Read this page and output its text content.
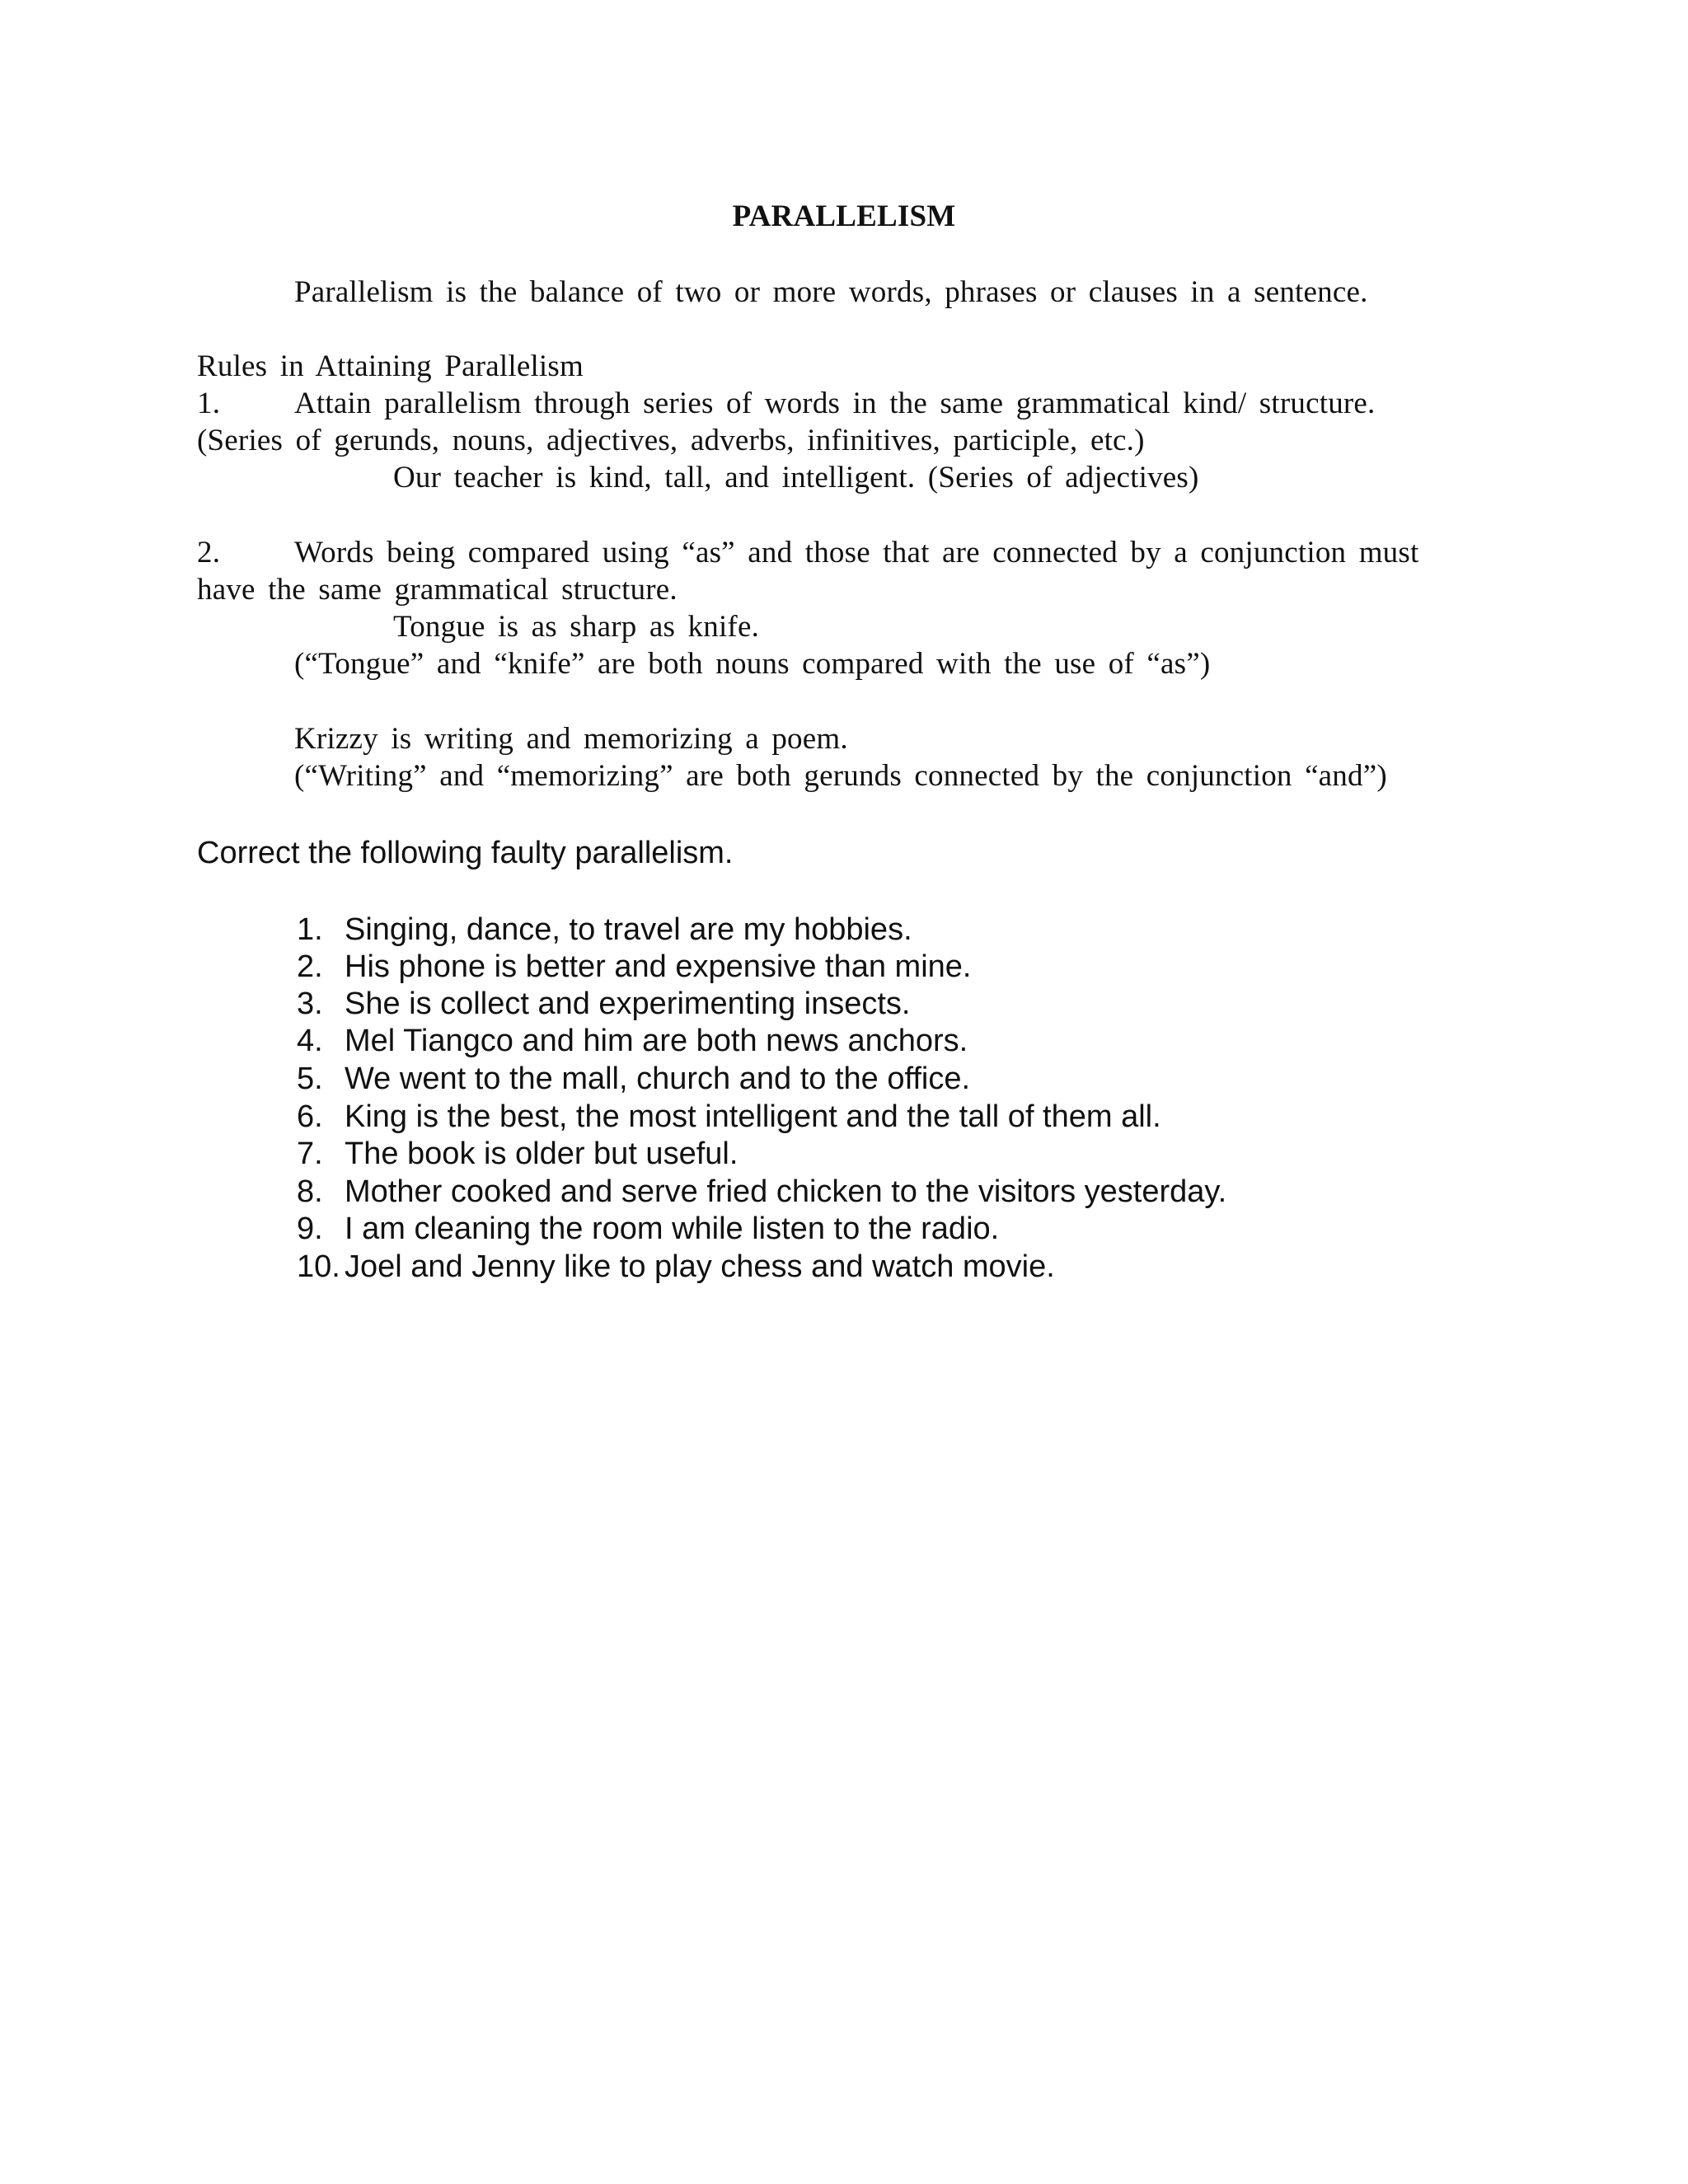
PARALLELISM
Parallelism is the balance of two or more words, phrases or clauses in a sentence.
Rules in Attaining Parallelism
1. Attain parallelism through series of words in the same grammatical kind/ structure.
(Series of gerunds, nouns, adjectives, adverbs, infinitives, participle, etc.)
Our teacher is kind, tall, and intelligent. (Series of adjectives)
2. Words being compared using “as” and those that are connected by a conjunction must
have the same grammatical structure.
Tongue is as sharp as knife.
(“Tongue” and “knife” are both nouns compared with the use of “as”)
Krizzy is writing and memorizing a poem.
(“Writing” and “memorizing” are both gerunds connected by the conjunction “and”)
Correct the following faulty parallelism.
1. Singing, dance, to travel are my hobbies.
2. His phone is better and expensive than mine.
3. She is collect and experimenting insects.
4. Mel Tiangco and him are both news anchors.
5. We went to the mall, church and to the office.
6. King is the best, the most intelligent and the tall of them all.
7. The book is older but useful.
8. Mother cooked and serve fried chicken to the visitors yesterday.
9. I am cleaning the room while listen to the radio.
10. Joel and Jenny like to play chess and watch movie.
